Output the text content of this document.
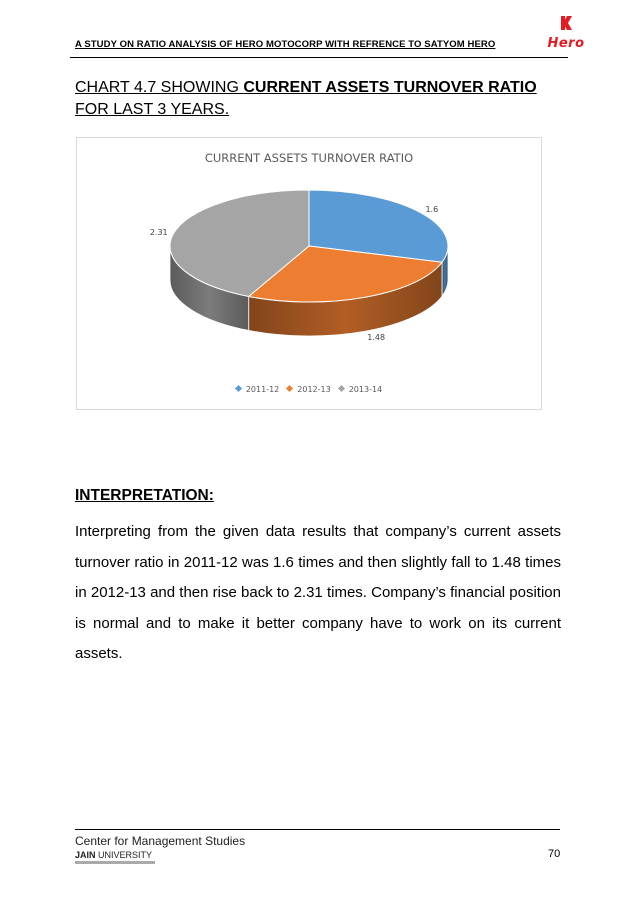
A STUDY ON RATIO ANALYSIS OF HERO MOTOCORP WITH REFRENCE TO SATYOM HERO	Hero
CHART 4.7 SHOWING CURRENT ASSETS TURNOVER RATIO FOR LAST 3 YEARS.
CURRENT ASSETS TURNOVER RATIO
1.6
1.48
2.31
2011-12 2012-13 2013-14
INTERPRETATION:
Interpreting from the given data results that company’s current assets turnover ratio in 2011-12 was 1.6 times and then slightly fall to 1.48 times in 2012-13 and then rise back to 2.31 times. Company’s financial position is normal and to make it better company have to work on its current assets.
Center for Management Studies
JAIN UNIVERSITY	70
